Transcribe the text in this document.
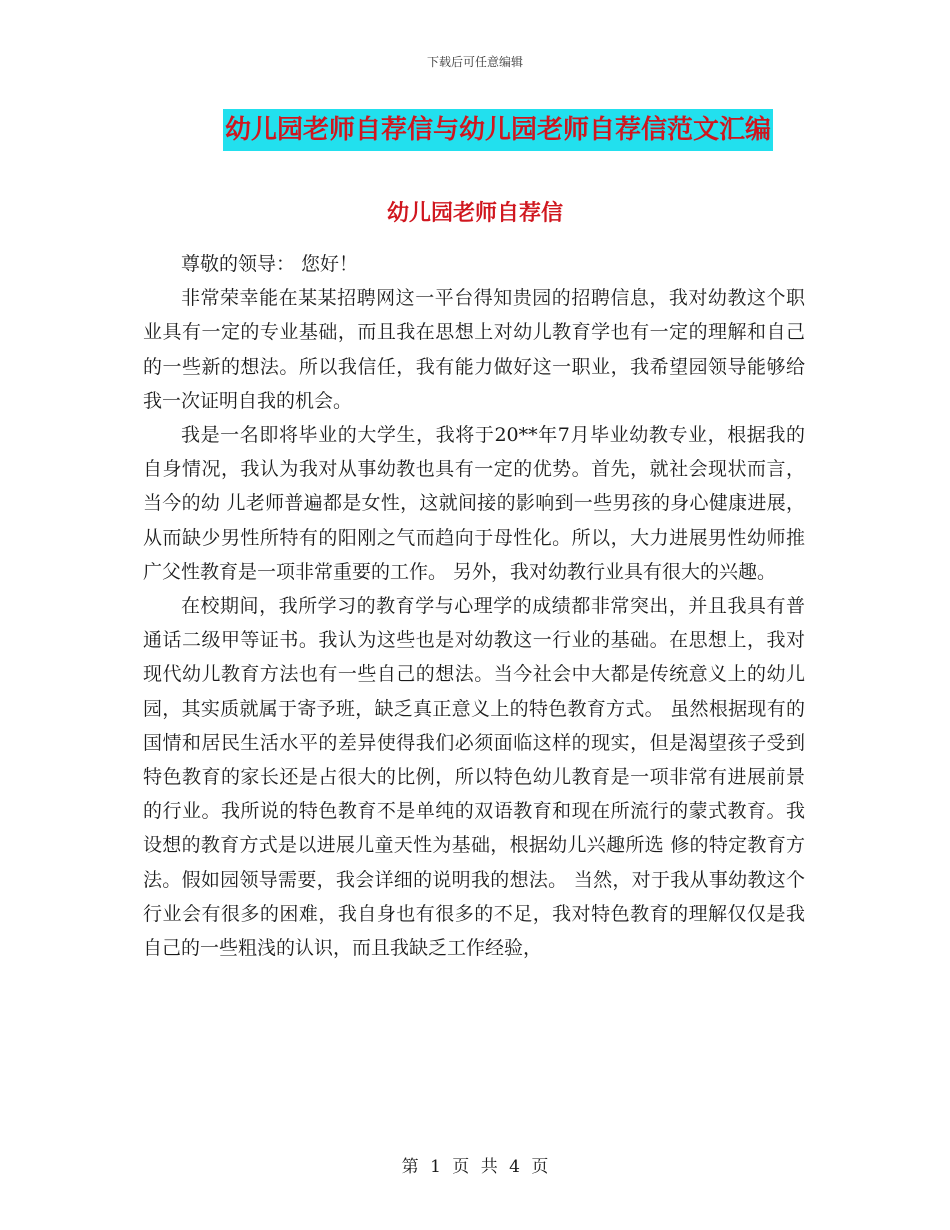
下载后可任意编辑
幼儿园老师自荐信与幼儿园老师自荐信范文汇编
幼儿园老师自荐信

尊敬的领导： 您好！

非常荣幸能在某某招聘网这一平台得知贵园的招聘信息，我对幼教这个职业具有一定的专业基础，而且我在思想上对幼儿教育学也有一定的理解和自己的一些新的想法。所以我信任，我有能力做好这一职业，我希望园领导能够给我一次证明自我的机会。

我是一名即将毕业的大学生，我将于20**年7月毕业幼教专业，根据我的自身情况，我认为我对从事幼教也具有一定的优势。首先，就社会现状而言，当今的幼 儿老师普遍都是女性，这就间接的影响到一些男孩的身心健康进展，从而缺少男性所特有的阳刚之气而趋向于母性化。所以，大力进展男性幼师推广父性教育是一项非常重要的工作。 另外，我对幼教行业具有很大的兴趣。

在校期间，我所学习的教育学与心理学的成绩都非常突出，并且我具有普通话二级甲等证书。我认为这些也是对幼教这一行业的基础。在思想上，我对现代幼儿教育方法也有一些自己的想法。当今社会中大都是传统意义上的幼儿园，其实质就属于寄予班，缺乏真正意义上的特色教育方式。 虽然根据现有的国情和居民生活水平的差异使得我们必须面临这样的现实，但是渴望孩子受到特色教育的家长还是占很大的比例，所以特色幼儿教育是一项非常有进展前景的行业。我所说的特色教育不是单纯的双语教育和现在所流行的蒙式教育。我设想的教育方式是以进展儿童天性为基础，根据幼儿兴趣所选 修的特定教育方法。假如园领导需要，我会详细的说明我的想法。 当然，对于我从事幼教这个行业会有很多的困难，我自身也有很多的不足，我对特色教育的理解仅仅是我自己的一些粗浅的认识，而且我缺乏工作经验，

第 1 页 共 4 页
